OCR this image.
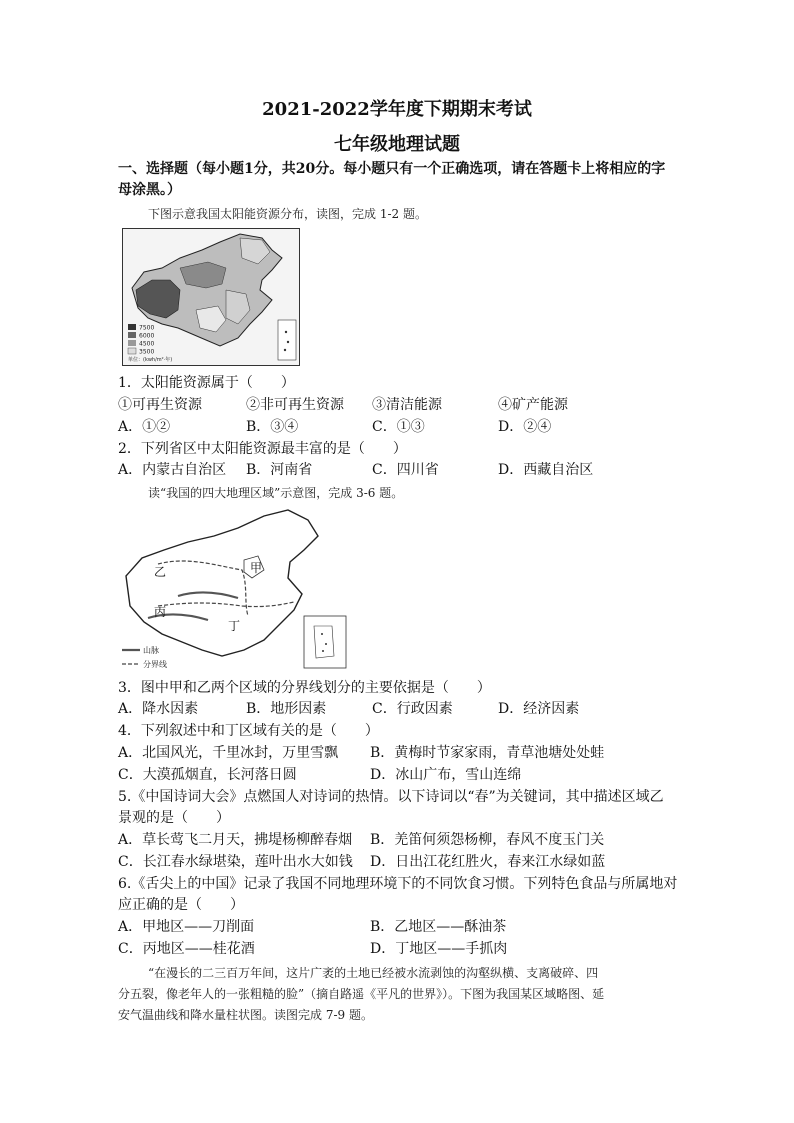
2021-2022学年度下期期末考试
七年级地理试题
一、选择题（每小题1分，共20分。每小题只有一个正确选项，请在答题卡上将相应的字
母涂黑。）
下图示意我国太阳能资源分布，读图，完成 1-2 题。
7500
6000
4500
3500
单位：(kwh/m²·年)
1．太阳能资源属于（　　）
①可再生资源	②非可再生资源 ③清洁能源	④矿产能源
A．①②	B．③④	C．①③	D．②④
2．下列省区中太阳能资源最丰富的是（　　）
A．内蒙古自治区 B．河南省	C．四川省	D．西藏自治区
读“我国的四大地理区域”示意图，完成 3-6 题。
甲
乙
丙
丁
山脉
分界线
3．图中甲和乙两个区域的分界线划分的主要依据是（　　）
A．降水因素	B．地形因素	C．行政因素	D．经济因素
4．下列叙述中和丁区域有关的是（　　）
A．北国风光，千里冰封，万里雪飘 B．黄梅时节家家雨，青草池塘处处蛙
C．大漠孤烟直，长河落日圆	D．冰山广布，雪山连绵
5.《中国诗词大会》点燃国人对诗词的热情。以下诗词以“春”为关键词，其中描述区域乙
景观的是（　　）
A．草长莺飞二月天，拂堤杨柳醉春烟 B．羌笛何须怨杨柳，春风不度玉门关
C．长江春水绿堪染，莲叶出水大如钱 D．日出江花红胜火，春来江水绿如蓝
6.《舌尖上的中国》记录了我国不同地理环境下的不同饮食习惯。下列特色食品与所属地对
应正确的是（　　）
A．甲地区——刀削面	B．乙地区——酥油茶
C．丙地区——桂花酒	D．丁地区——手抓肉
“在漫长的二三百万年间，这片广袤的土地已经被水流剥蚀的沟壑纵横、支离破碎、四
分五裂，像老年人的一张粗糙的脸”（摘自路遥《平凡的世界》）。下图为我国某区域略图、延
安气温曲线和降水量柱状图。读图完成 7-9 题。
